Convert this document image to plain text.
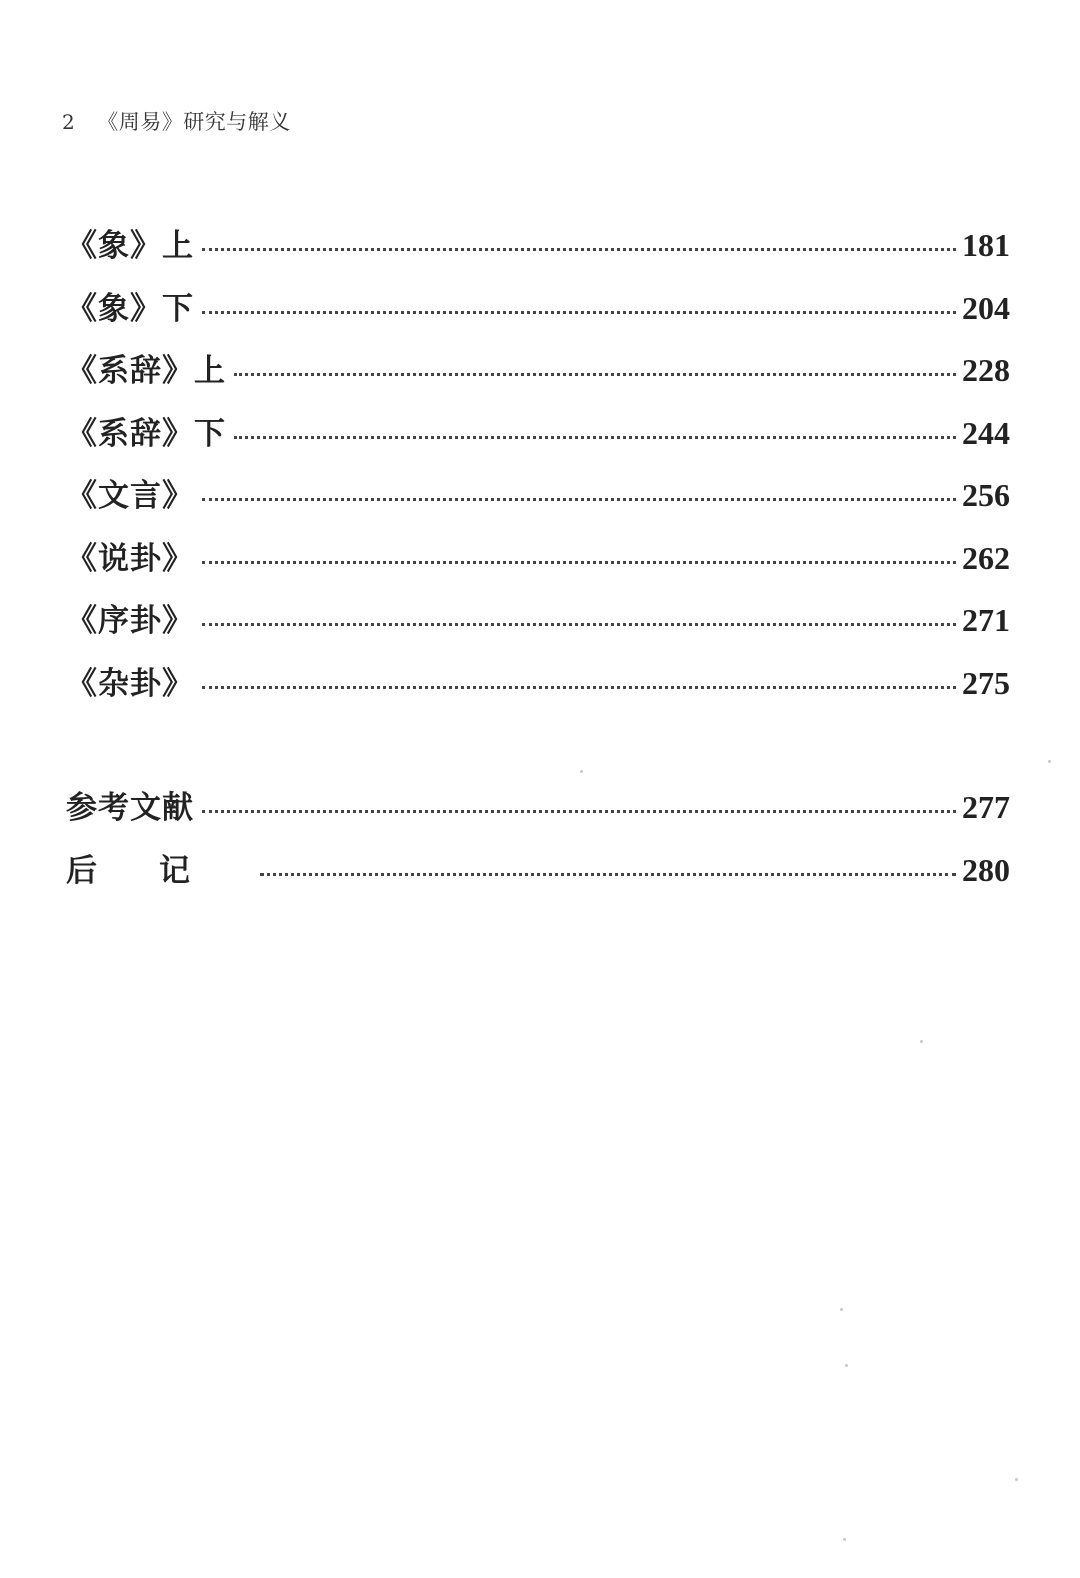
2 《周易》研究与解义
《象》上	181
《象》下	204
《系辞》上	228
《系辞》下	244
《文言》	256
《说卦》	262
《序卦》	271
《杂卦》	275
参考文献	277
后记	280
